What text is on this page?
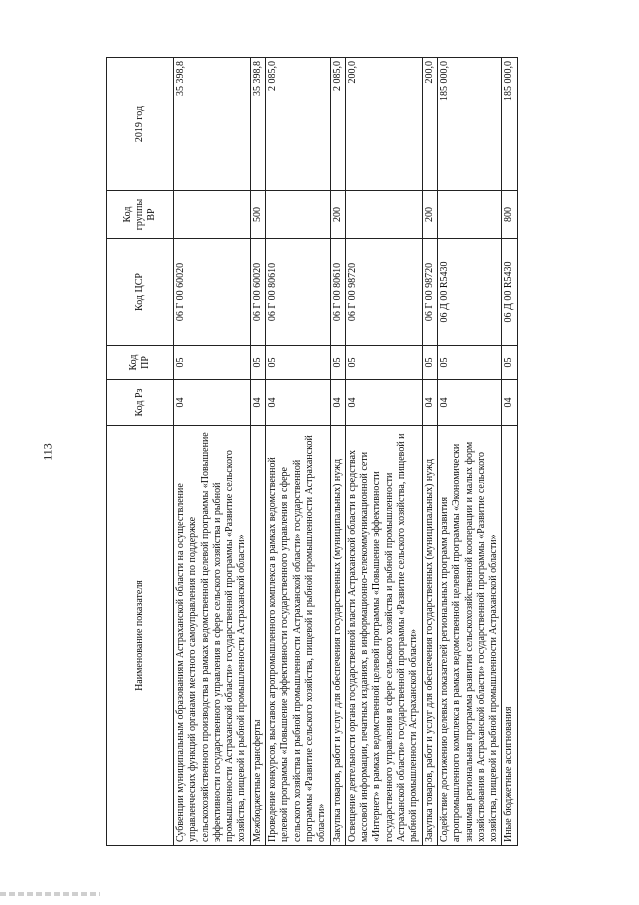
113
Наименование показателя	Код Рз	Код ПР	Код ЦСР	Код группы ВР	2019 год
Субвенции муниципальным образованиям Астраханской области на осуществление управленческих функций органами местного самоуправления по поддержке сельскохозяйственного производства в рамках ведомственной целевой программы «Повышение эффективности государственного управления в сфере сельского хозяйства и рыбной промышленности Астраханской области» государственной программы «Развитие сельского хозяйства, пищевой и рыбной промышленности Астраханской области»	04	05	06 Г 00 60020		35 398,8
Межбюджетные трансферты	04	05	06 Г 00 60020	500	35 398,8
Проведение конкурсов, выставок агропромышленного комплекса в рамках ведомственной целевой программы «Повышение эффективности государственного управления в сфере сельского хозяйства и рыбной промышленности Астраханской области» государственной программы «Развитие сельского хозяйства, пищевой и рыбной промышленности Астраханской области»	04	05	06 Г 00 80610		2 085,0
Закупка товаров, работ и услуг для обеспечения государственных (муниципальных) нужд	04	05	06 Г 00 80610	200	2 085,0
Освещение деятельности органа государственной власти Астраханской области в средствах массовой информации, печатных изданиях, в информационно-телекоммуникационной сети «Интернет» в рамках ведомственной целевой программы «Повышение эффективности государственного управления в сфере сельского хозяйства и рыбной промышленности Астраханской области» государственной программы «Развитие сельского хозяйства, пищевой и рыбной промышленности Астраханской области»	04	05	06 Г 00 98720		200,0
Закупка товаров, работ и услуг для обеспечения государственных (муниципальных) нужд	04	05	06 Г 00 98720	200	200,0
Содействие достижению целевых показателей региональных программ развития агропромышленного комплекса в рамках ведомственной целевой программы «Экономически значимая региональная программа развития сельскохозяйственной кооперации и малых форм хозяйствования в Астраханской области» государственной программы «Развитие сельского хозяйства, пищевой и рыбной промышленности Астраханской области»	04	05	06 Д 00 R5430		185 000,0
Иные бюджетные ассигнования	04	05	06 Д 00 R5430	800	185 000,0
